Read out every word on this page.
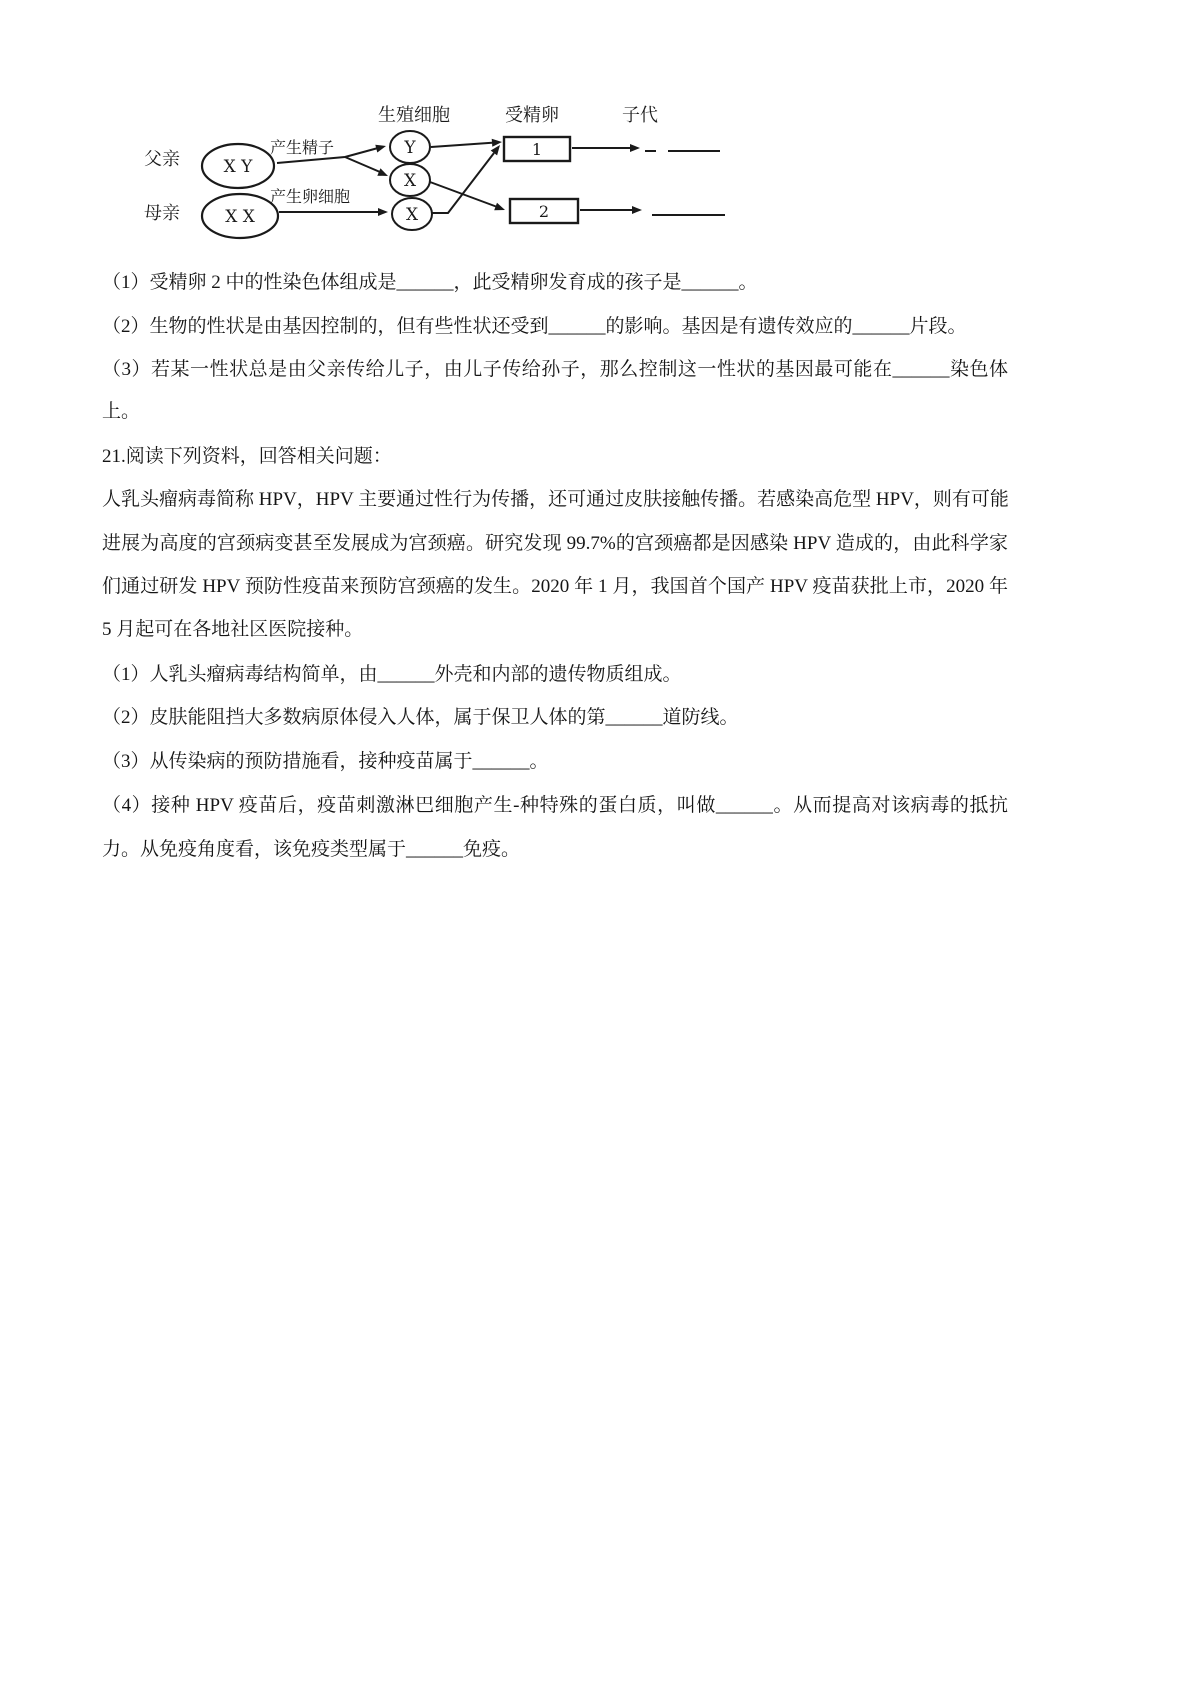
生殖细胞	受精卵	子代
父亲
母亲
X Y
X X
产生精子
产生卵细胞
Y
X
X
1
2
（1）受精卵 2 中的性染色体组成是______，此受精卵发育成的孩子是______。
（2）生物的性状是由基因控制的，但有些性状还受到______的影响。基因是有遗传效应的______片段。
（3）若某一性状总是由父亲传给儿子，由儿子传给孙子，那么控制这一性状的基因最可能在______染色体
上。
21.阅读下列资料，回答相关问题：
人乳头瘤病毒简称 HPV，HPV 主要通过性行为传播，还可通过皮肤接触传播。若感染高危型 HPV，则有可能
进展为高度的宫颈病变甚至发展成为宫颈癌。研究发现 99.7%的宫颈癌都是因感染 HPV 造成的，由此科学家
们通过研发 HPV 预防性疫苗来预防宫颈癌的发生。2020 年 1 月，我国首个国产 HPV 疫苗获批上市，2020 年
5 月起可在各地社区医院接种。
（1）人乳头瘤病毒结构简单，由______外壳和内部的遗传物质组成。
（2）皮肤能阻挡大多数病原体侵入人体，属于保卫人体的第______道防线。
（3）从传染病的预防措施看，接种疫苗属于______。
（4）接种 HPV 疫苗后，疫苗刺激淋巴细胞产生-种特殊的蛋白质，叫做______。从而提高对该病毒的抵抗
力。从免疫角度看，该免疫类型属于______免疫。
